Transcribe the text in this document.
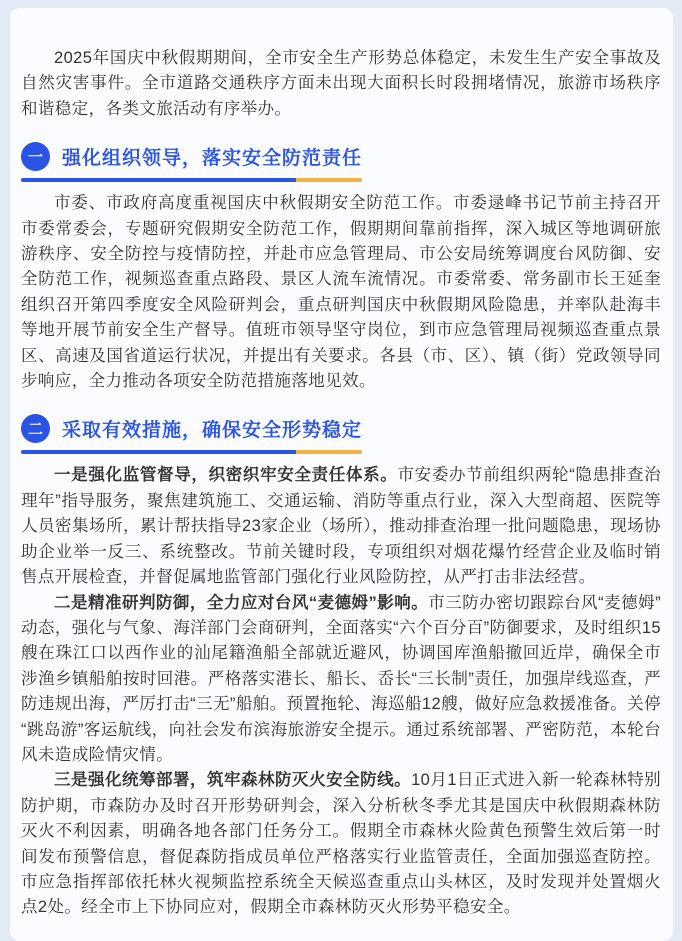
2025年国庆中秋假期期间，全市安全生产形势总体稳定，未发生生产安全事故及自然灾害事件。全市道路交通秩序方面未出现大面积长时段拥堵情况，旅游市场秩序和谐稳定，各类文旅活动有序举办。

一	强化组织领导，落实安全防范责任

市委、市政府高度重视国庆中秋假期安全防范工作。市委逯峰书记节前主持召开市委常委会，专题研究假期安全防范工作，假期期间靠前指挥，深入城区等地调研旅游秩序、安全防控与疫情防控，并赴市应急管理局、市公安局统筹调度台风防御、安全防范工作，视频巡查重点路段、景区人流车流情况。市委常委、常务副市长王延奎组织召开第四季度安全风险研判会，重点研判国庆中秋假期风险隐患，并率队赴海丰等地开展节前安全生产督导。值班市领导坚守岗位，到市应急管理局视频巡查重点景区、高速及国省道运行状况，并提出有关要求。各县（市、区）、镇（街）党政领导同步响应，全力推动各项安全防范措施落地见效。

二	采取有效措施，确保安全形势稳定

一是强化监管督导，织密织牢安全责任体系。市安委办节前组织两轮“隐患排查治理年”指导服务，聚焦建筑施工、交通运输、消防等重点行业，深入大型商超、医院等人员密集场所，累计帮扶指导23家企业（场所），推动排查治理一批问题隐患，现场协助企业举一反三、系统整改。节前关键时段，专项组织对烟花爆竹经营企业及临时销售点开展检查，并督促属地监管部门强化行业风险防控，从严打击非法经营。

二是精准研判防御，全力应对台风“麦德姆”影响。市三防办密切跟踪台风“麦德姆”动态，强化与气象、海洋部门会商研判，全面落实“六个百分百”防御要求，及时组织15艘在珠江口以西作业的汕尾籍渔船全部就近避风，协调国库渔船撤回近岸，确保全市涉渔乡镇船舶按时回港。严格落实港长、船长、岙长“三长制”责任，加强岸线巡查，严防违规出海，严厉打击“三无”船舶。预置拖轮、海巡船12艘，做好应急救援准备。关停“跳岛游”客运航线，向社会发布滨海旅游安全提示。通过系统部署、严密防范，本轮台风未造成险情灾情。

三是强化统筹部署，筑牢森林防灭火安全防线。10月1日正式进入新一轮森林特别防护期，市森防办及时召开形势研判会，深入分析秋冬季尤其是国庆中秋假期森林防灭火不利因素，明确各地各部门任务分工。假期全市森林火险黄色预警生效后第一时间发布预警信息，督促森防指成员单位严格落实行业监管责任，全面加强巡查防控。市应急指挥部依托林火视频监控系统全天候巡查重点山头林区，及时发现并处置烟火点2处。经全市上下协同应对，假期全市森林防灭火形势平稳安全。
